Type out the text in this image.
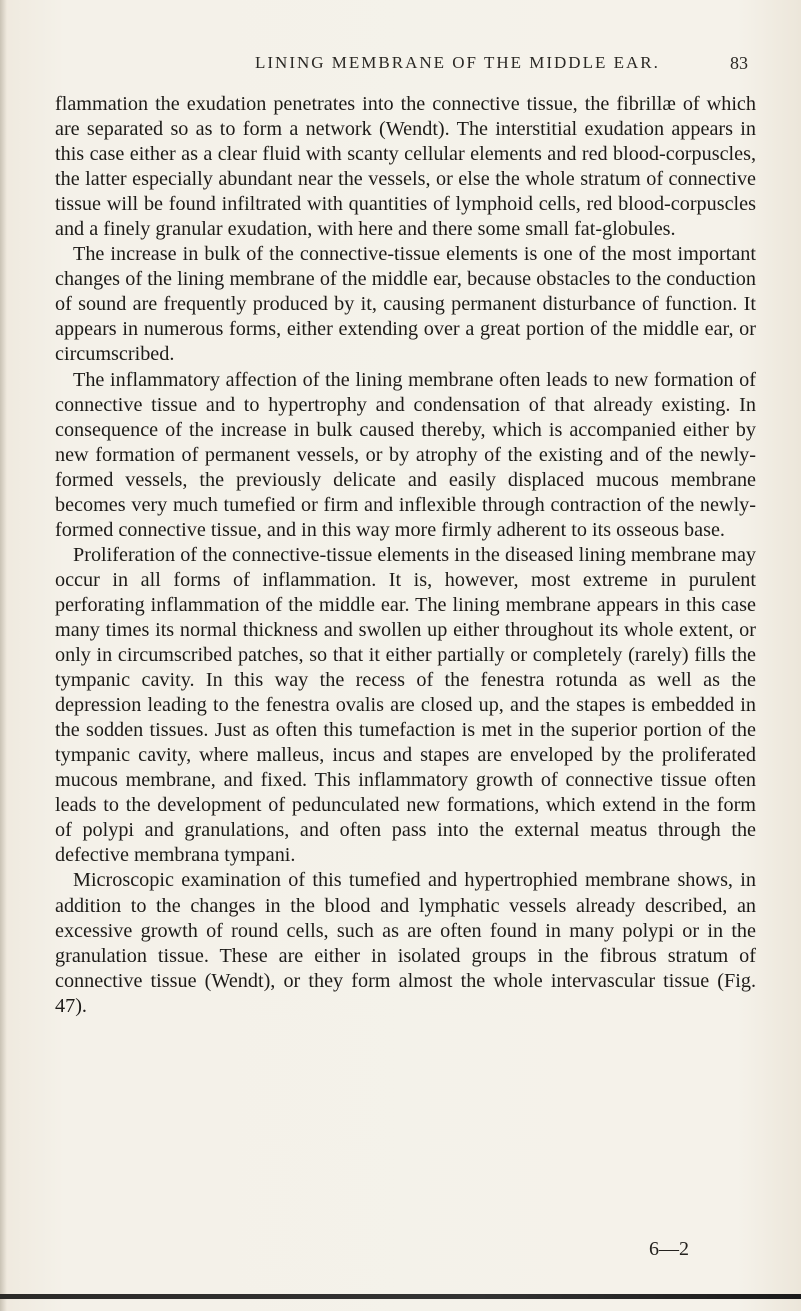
LINING MEMBRANE OF THE MIDDLE EAR.	83

flammation the exudation penetrates into the connective tissue, the fibrillæ of which are separated so as to form a network (Wendt). The interstitial exudation appears in this case either as a clear fluid with scanty cellular elements and red blood-corpuscles, the latter especially abundant near the vessels, or else the whole stratum of connective tissue will be found infiltrated with quantities of lymphoid cells, red blood-corpuscles and a finely granular exudation, with here and there some small fat-globules.

The increase in bulk of the connective-tissue elements is one of the most important changes of the lining membrane of the middle ear, because obstacles to the conduction of sound are frequently produced by it, causing permanent disturbance of function. It appears in numerous forms, either extending over a great portion of the middle ear, or circumscribed.

The inflammatory affection of the lining membrane often leads to new formation of connective tissue and to hypertrophy and condensation of that already existing. In consequence of the increase in bulk caused thereby, which is accompanied either by new formation of permanent vessels, or by atrophy of the existing and of the newly-formed vessels, the previously delicate and easily displaced mucous membrane becomes very much tumefied or firm and inflexible through contraction of the newly-formed connective tissue, and in this way more firmly adherent to its osseous base.

Proliferation of the connective-tissue elements in the diseased lining membrane may occur in all forms of inflammation. It is, however, most extreme in purulent perforating inflammation of the middle ear. The lining membrane appears in this case many times its normal thickness and swollen up either throughout its whole extent, or only in circumscribed patches, so that it either partially or completely (rarely) fills the tympanic cavity. In this way the recess of the fenestra rotunda as well as the depression leading to the fenestra ovalis are closed up, and the stapes is embedded in the sodden tissues. Just as often this tumefaction is met in the superior portion of the tympanic cavity, where malleus, incus and stapes are enveloped by the proliferated mucous membrane, and fixed. This inflammatory growth of connective tissue often leads to the development of pedunculated new formations, which extend in the form of polypi and granulations, and often pass into the external meatus through the defective membrana tympani.

Microscopic examination of this tumefied and hypertrophied membrane shows, in addition to the changes in the blood and lymphatic vessels already described, an excessive growth of round cells, such as are often found in many polypi or in the granulation tissue. These are either in isolated groups in the fibrous stratum of connective tissue (Wendt), or they form almost the whole intervascular tissue (Fig. 47).

6—2
